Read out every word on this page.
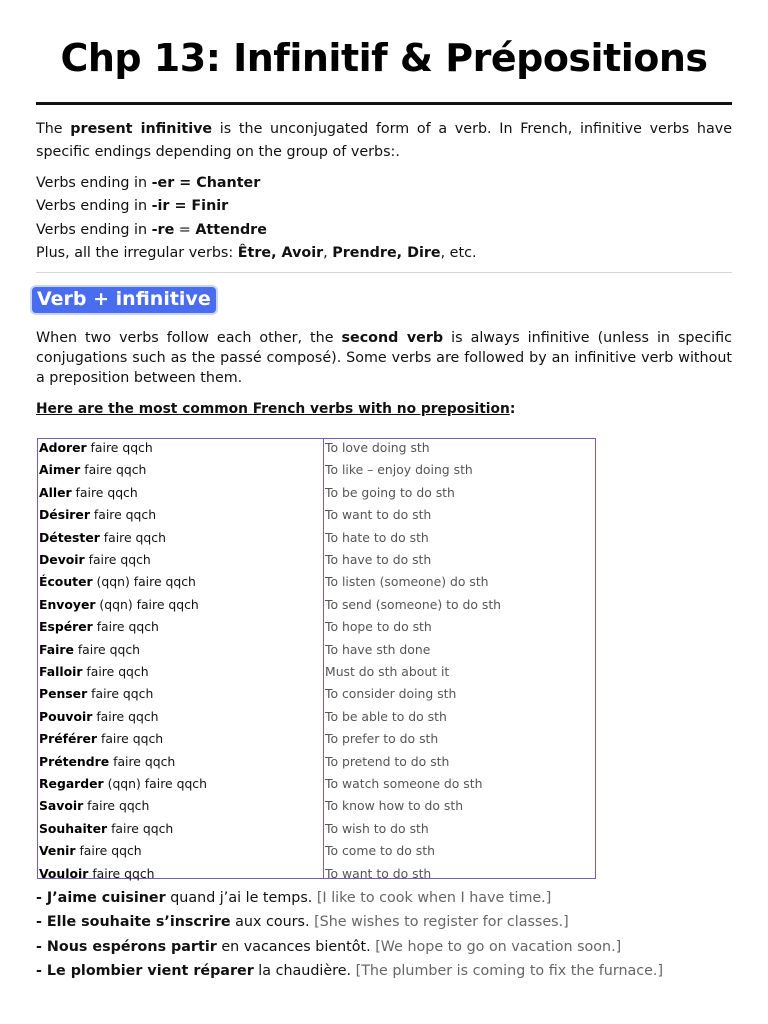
Chp 13: Infinitif & Prépositions
The present infinitive is the unconjugated form of a verb. In French, infinitive verbs have specific endings depending on the group of verbs:.
Verbs ending in -er = Chanter
Verbs ending in -ir = Finir
Verbs ending in -re = Attendre
Plus, all the irregular verbs: Être, Avoir, Prendre, Dire, etc.
Verb + infinitive
When two verbs follow each other, the second verb is always infinitive (unless in specific conjugations such as the passé composé). Some verbs are followed by an infinitive verb without a preposition between them.
Here are the most common French verbs with no preposition:
Adorer faire qqch	To love doing sth
Aimer faire qqch	To like – enjoy doing sth
Aller faire qqch	To be going to do sth
Désirer faire qqch	To want to do sth
Détester faire qqch	To hate to do sth
Devoir faire qqch	To have to do sth
Écouter (qqn) faire qqch	To listen (someone) do sth
Envoyer (qqn) faire qqch	To send (someone) to do sth
Espérer faire qqch	To hope to do sth
Faire faire qqch	To have sth done
Falloir faire qqch	Must do sth about it
Penser faire qqch	To consider doing sth
Pouvoir faire qqch	To be able to do sth
Préférer faire qqch	To prefer to do sth
Prétendre faire qqch	To pretend to do sth
Regarder (qqn) faire qqch	To watch someone do sth
Savoir faire qqch	To know how to do sth
Souhaiter faire qqch	To wish to do sth
Venir faire qqch	To come to do sth
Vouloir faire qqch	To want to do sth
- J’aime cuisiner quand j’ai le temps. [I like to cook when I have time.]
- Elle souhaite s’inscrire aux cours. [She wishes to register for classes.]
- Nous espérons partir en vacances bientôt. [We hope to go on vacation soon.]
- Le plombier vient réparer la chaudière. [The plumber is coming to fix the furnace.]
